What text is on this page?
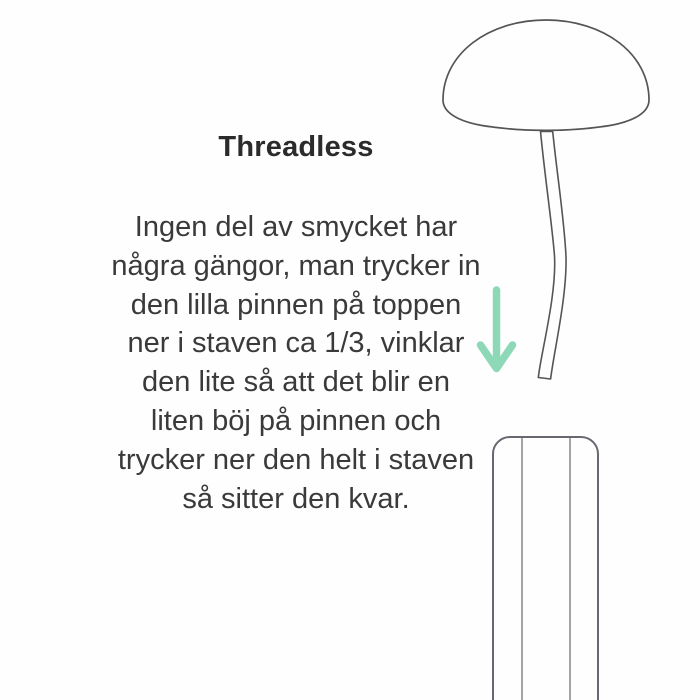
Threadless
Ingen del av smycket har
några gängor, man trycker in
den lilla pinnen på toppen
ner i staven ca 1/3, vinklar
den lite så att det blir en
liten böj på pinnen och
trycker ner den helt i staven
så sitter den kvar.
